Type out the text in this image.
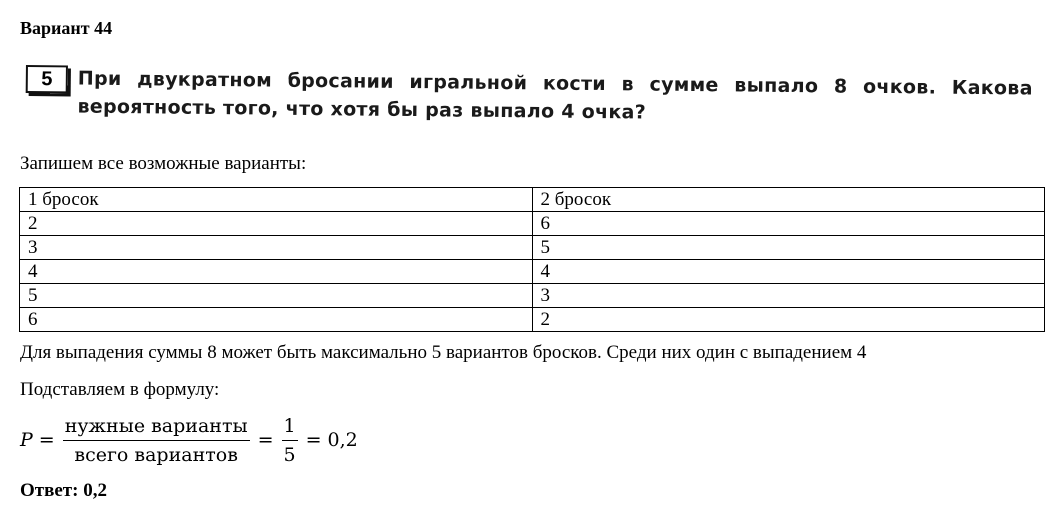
Вариант 44
5	При двукратном бросании игральной кости в сумме выпало 8 очков. Какова вероятность того, что хотя бы раз выпало 4 очка?
Запишем все возможные варианты:
1 бросок	2 бросок
2	6
3	5
4	4
5	3
6	2
Для выпадения суммы 8 может быть максимально 5 вариантов бросков. Среди них один с выпадением 4
Подставляем в формулу:
$P = \frac{\text{нужные варианты}}{\text{всего вариантов}} = \frac{1}{5} = 0,2$
Ответ: 0,2
